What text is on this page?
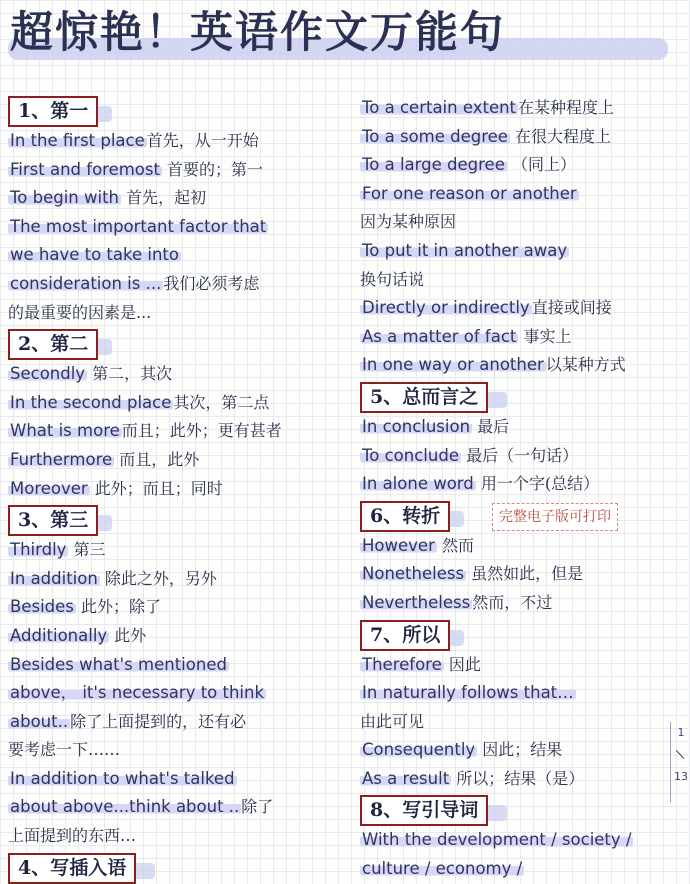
超惊艳！英语作文万能句
1、第一
In the first place 首先，从一开始
First and foremost 首要的；第一
To begin with 首先，起初
The most important factor that
we have to take into
consideration is ... 我们必须考虑
的最重要的因素是...
2、第二
Secondly 第二，其次
In the second place 其次，第二点
What is more 而且；此外；更有甚者
Furthermore 而且，此外
Moreover 此外；而且；同时
3、第三
Thirdly 第三
In addition 除此之外，另外
Besides 此外；除了
Additionally 此外
Besides what's mentioned
above， it's necessary to think
about.. 除了上面提到的，还有必
要考虑一下……
In addition to what's talked
about above...think about .. 除了
上面提到的东西…
4、写插入语
To a certain extent 在某种程度上
To a some degree 在很大程度上
To a large degree （同上）
For one reason or another
因为某种原因
To put it in another away
换句话说
Directly or indirectly 直接或间接
As a matter of fact 事实上
In one way or another 以某种方式
5、总而言之
In conclusion 最后
To conclude 最后（一句话）
In alone word 用一个字(总结）
6、转折	完整电子版可打印
However 然而
Nonetheless 虽然如此，但是
Nevertheless 然而，不过
7、所以
Therefore 因此
In naturally follows that…
由此可见
Consequently 因此；结果
As a result 所以；结果（是）
8、写引导词
With the development / society /
culture / economy /
1
/
13
